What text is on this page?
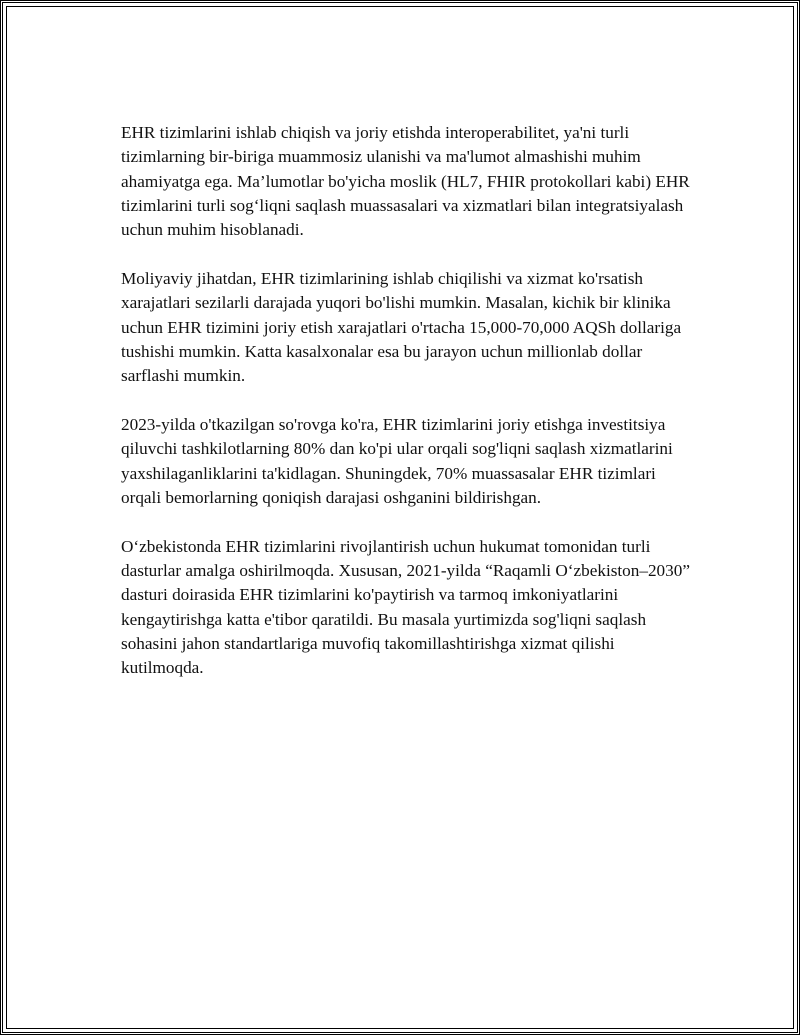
EHR tizimlarini ishlab chiqish va joriy etishda interoperabilitet, ya'ni turli tizimlarning bir-biriga muammosiz ulanishi va ma'lumot almashishi muhim ahamiyatga ega. Ma’lumotlar bo'yicha moslik (HL7, FHIR protokollari kabi) EHR tizimlarini turli sog‘liqni saqlash muassasalari va xizmatlari bilan integratsiyalash uchun muhim hisoblanadi.

Moliyaviy jihatdan, EHR tizimlarining ishlab chiqilishi va xizmat ko'rsatish xarajatlari sezilarli darajada yuqori bo'lishi mumkin. Masalan, kichik bir klinika uchun EHR tizimini joriy etish xarajatlari o'rtacha 15,000-70,000 AQSh dollariga tushishi mumkin. Katta kasalxonalar esa bu jarayon uchun millionlab dollar sarflashi mumkin.

2023-yilda o'tkazilgan so'rovga ko'ra, EHR tizimlarini joriy etishga investitsiya qiluvchi tashkilotlarning 80% dan ko'pi ular orqali sog'liqni saqlash xizmatlarini yaxshilaganliklarini ta'kidlagan. Shuningdek, 70% muassasalar EHR tizimlari orqali bemorlarning qoniqish darajasi oshganini bildirishgan.

O‘zbekistonda EHR tizimlarini rivojlantirish uchun hukumat tomonidan turli dasturlar amalga oshirilmoqda. Xususan, 2021-yilda “Raqamli O‘zbekiston–2030” dasturi doirasida EHR tizimlarini ko'paytirish va tarmoq imkoniyatlarini kengaytirishga katta e'tibor qaratildi. Bu masala yurtimizda sog'liqni saqlash sohasini jahon standartlariga muvofiq takomillashtirishga xizmat qilishi kutilmoqda.
